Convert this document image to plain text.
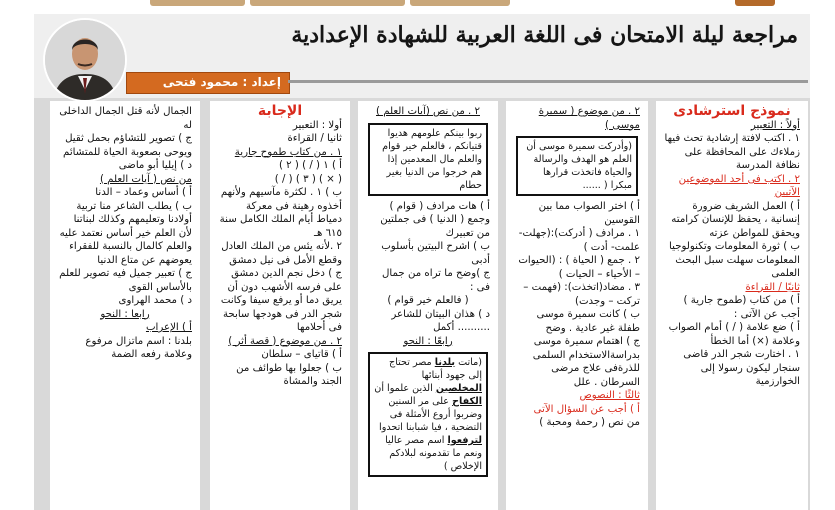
مراجعة ليلة الامتحان فى اللغة العربية للشهادة الإعدادية
إعداد : محمود فتحى

نموذج استرشادى

أولاً : التعبير

١ . اكتب لافتة إرشادية تحث فيها زملاءك على المحافظة على نظافة المدرسة

٢ . اكتب فى أحد الموضوعين الآتيين

أ ) العمل الشريف ضرورة إنسانية ، يحفظ للإنسان كرامته ويحقق للمواطن عزته

ب ) ثورة المعلومات وتكنولوجيا المعلومات سهلت سبل البحث العلمى

ثانيًا / القراءة

أ ) من كتاب (طموح جارية ) أجب عن الآتى :

أ ) ضع علامة ( / ) أمام الصواب وعلامة (×) أما الخطأ

١ . اختارت شجر الدر قاضى سنجار ليكون رسولا إلى الخوارزمية

٢ . من موضوع ( سميرة موسى )

(وأدركت سميرة موسى أن العلم هو الهدف والرسالة والحياة فاتخذت قرارها مبكرا ( ......

أ ) اختر الصواب مما بين القوسين

١ . مرادف ( أدركت):(جهلت- علمت- أدت )

٢ . جمع ( الحياة ) : (الحيوات – الأحياء – الحيات )

٣ . مضاد(اتخذت): (فهمت – تركت – وجدت)

ب ) كانت سميرة موسى طفلة غير عادية . وضح

ج ) اهتمام سميرة موسى بدراسةالاستخدام السلمى للذرةفى علاج مرضى السرطان . علل

ثالثًا : النصوص

أ ) أجب عن السؤال الآتى

من نص ( رحمة ومحبة )

٢ . من نص (آيات العلم )

ربوا بينكم علومهم هديوا قتيانكم ، فالعلم خير قوام والعلم مال المعدمين إذا هم خرجوا من الدنيا بغير حطام

أ ) هات مرادف ( قوام ) وجمع ( الدنيا ) فى جملتين من تعبيرك

ب ) اشرح البيتين بأسلوب أدبى

ج )وضح ما تراه من جمال فى :

( فالعلم خير قوام )

د ) هذان البيتان للشاعر .......... أكمل

رابعًا : النحو

(ماتت بلدنا مصر تحتاج إلى جهود أبنائها المخلصين الذين علموا أن الكفاح على مر السنين وضربوا أروع الأمثلة فى التضحية ، فيا شبابنا اتحدوا لترفعوا اسم مصر عاليا ونعم ما تقدمونه لبلادكم الإخلاص )

الإجابة

أولا : التعبير

ثانيا / القراءة

١ . من كتاب طموح جارية

أ ) ١ ( / ) ( ٢ )

( × ) ( ٣ ) ( / )

ب ) ١ . لكثرة مآسيهم ولأنهم أخذوه رهينة فى معركة دمياط أيام الملك الكامل سنة ٦١٥ هـ

٢ .لأنه يئس من الملك العادل وقطع الأمل فى نيل دمشق

ج ) دخل نجم الدين دمشق على فرسه الأشهب دون أن يريق دما أو يرفع سيفا وكانت شجر الدر فى هودجها سابحة فى أحلامها

٢ . من موضوع ( قصة أثر )

أ ) قاتيای – سلطان

ب ) جعلوا بها طوائف من الجند والمشاة

الجمال لأنه قتل الجمال الداخلى له

ج ) تصوير للتشاؤم بحمل ثقيل ويوحى بصعوبة الحياة للمتشائم

د ) إيليا أبو ماضى

من نص ( آيات العلم )

أ ) أساس وعماد – الدنا

ب ) يطلب الشاعر منا تربية أولادنا وتعليمهم وكذلك لبناتنا لأن العلم خير أساس نعتمد عليه والعلم كالمال بالنسبة للفقراء يعوضهم عن متاع الدنيا

ج ) تعبير جميل فيه تصوير للعلم بالأساس القوى

د ) محمد الهراوى

رابعا : النحو

أ ) الإعراب

بلدنا : اسم ماتزال مرفوع وعلامة رفعه الضمة
